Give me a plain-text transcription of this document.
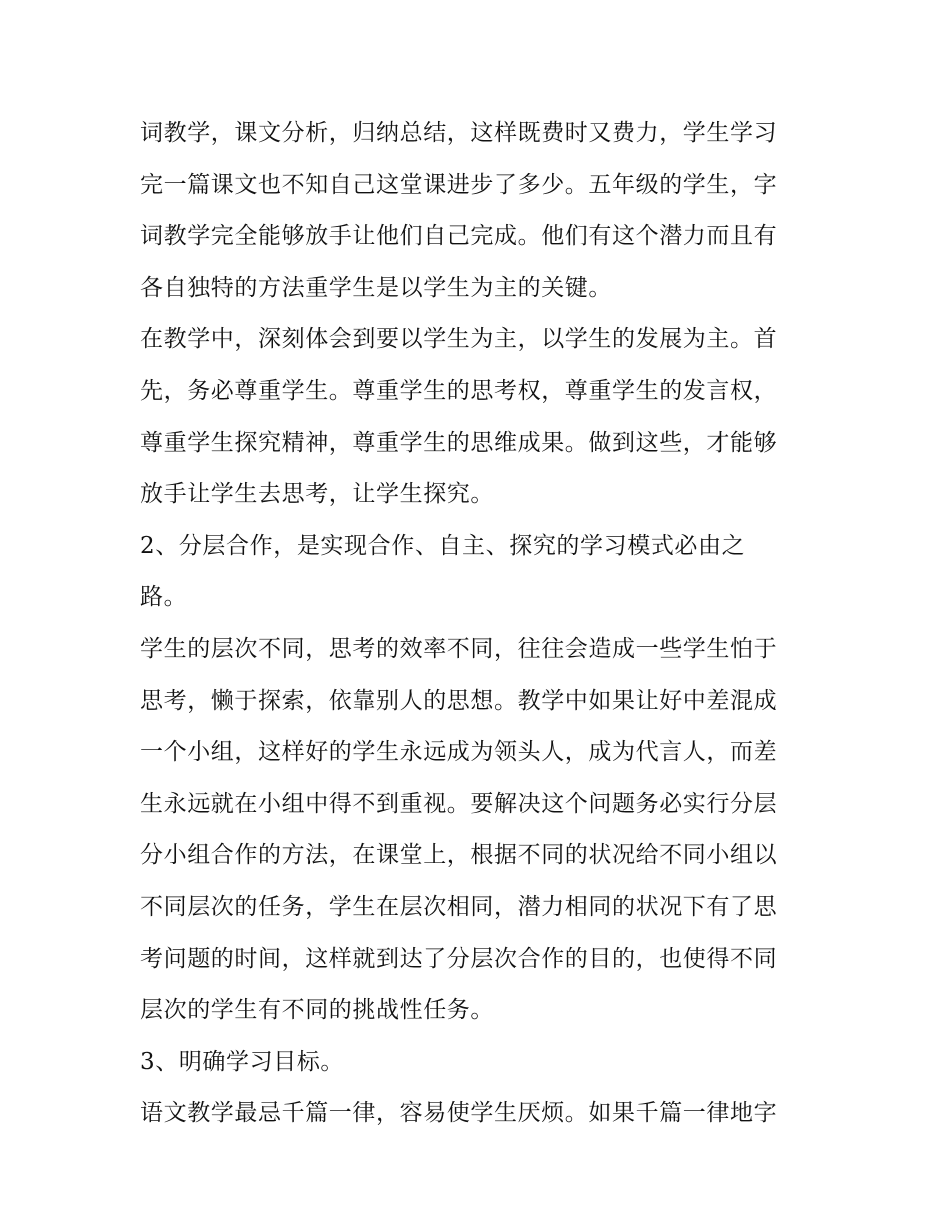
词教学，课文分析，归纳总结，这样既费时又费力，学生学习
完一篇课文也不知自己这堂课进步了多少。五年级的学生，字
词教学完全能够放手让他们自己完成。他们有这个潜力而且有
各自独特的方法重学生是以学生为主的关键。
在教学中，深刻体会到要以学生为主，以学生的发展为主。首
先，务必尊重学生。尊重学生的思考权，尊重学生的发言权，
尊重学生探究精神，尊重学生的思维成果。做到这些，才能够
放手让学生去思考，让学生探究。
2、分层合作，是实现合作、自主、探究的学习模式必由之
路。
学生的层次不同，思考的效率不同，往往会造成一些学生怕于
思考，懒于探索，依靠别人的思想。教学中如果让好中差混成
一个小组，这样好的学生永远成为领头人，成为代言人，而差
生永远就在小组中得不到重视。要解决这个问题务必实行分层
分小组合作的方法，在课堂上，根据不同的状况给不同小组以
不同层次的任务，学生在层次相同，潜力相同的状况下有了思
考问题的时间，这样就到达了分层次合作的目的，也使得不同
层次的学生有不同的挑战性任务。
3、明确学习目标。
语文教学最忌千篇一律，容易使学生厌烦。如果千篇一律地字
